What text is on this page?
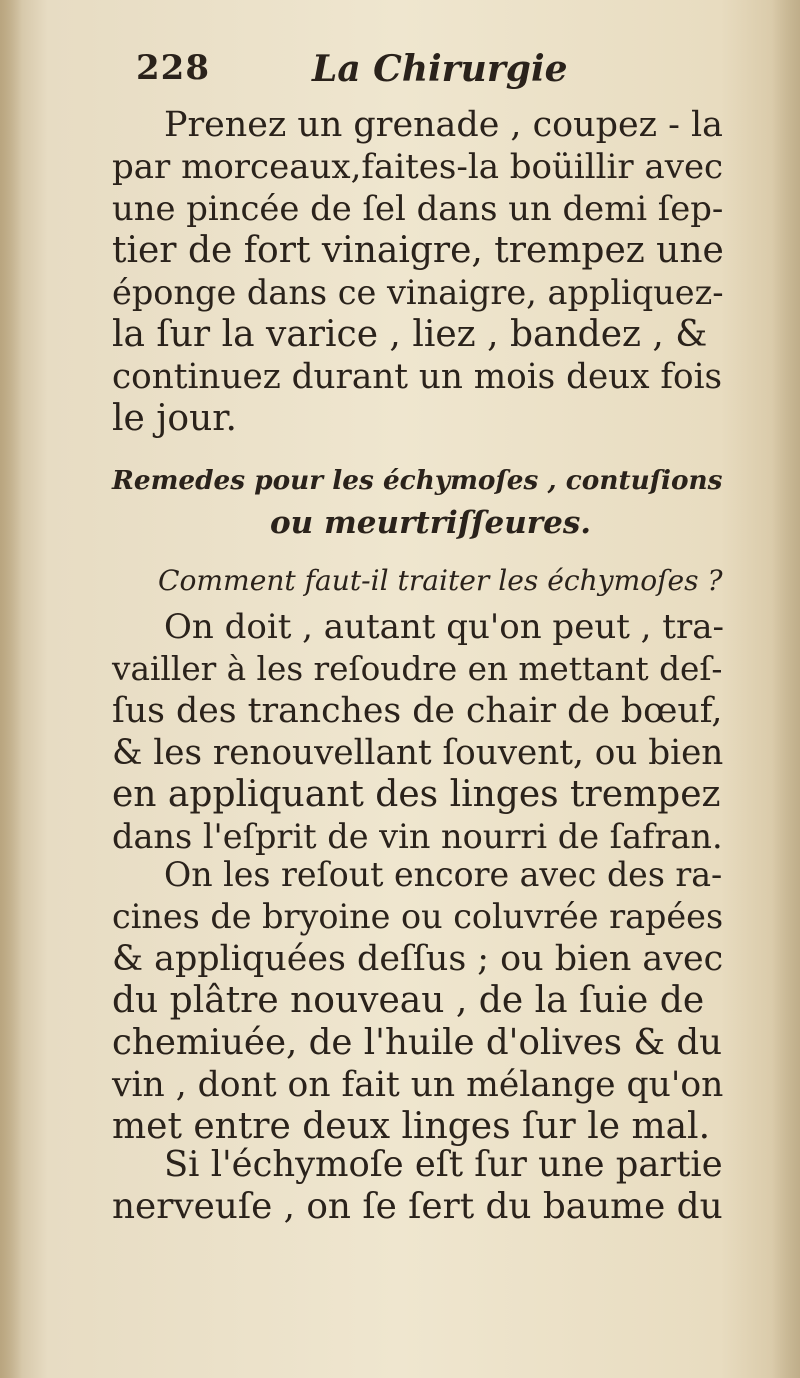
228	La Chirurgie
Prenez un grenade , coupez - la
par morceaux,faites-la boüillir avec
une pincée de ſel dans un demi ſep-
tier de fort vinaigre, trempez une
éponge dans ce vinaigre, appliquez-
la ſur la varice , liez , bandez , &
continuez durant un mois deux fois
le jour.
Remedes pour les échymoſes , contuſions
ou meurtriſſeures.
Comment faut-il traiter les échymoſes ?
On doit , autant qu'on peut , tra-
vailler à les reſoudre en mettant deſ-
ſus des tranches de chair de bœuf,
& les renouvellant ſouvent, ou bien
en appliquant des linges trempez
dans l'eſprit de vin nourri de ſafran.
On les reſout encore avec des ra-
cines de bryoine ou coluvrée rapées
& appliquées deſſus ; ou bien avec
du plâtre nouveau , de la ſuie de
chemiuée, de l'huile d'olives & du
vin , dont on fait un mélange qu'on
met entre deux linges ſur le mal.
Si l'échymoſe eſt ſur une partie
nerveuſe , on ſe ſert du baume du
